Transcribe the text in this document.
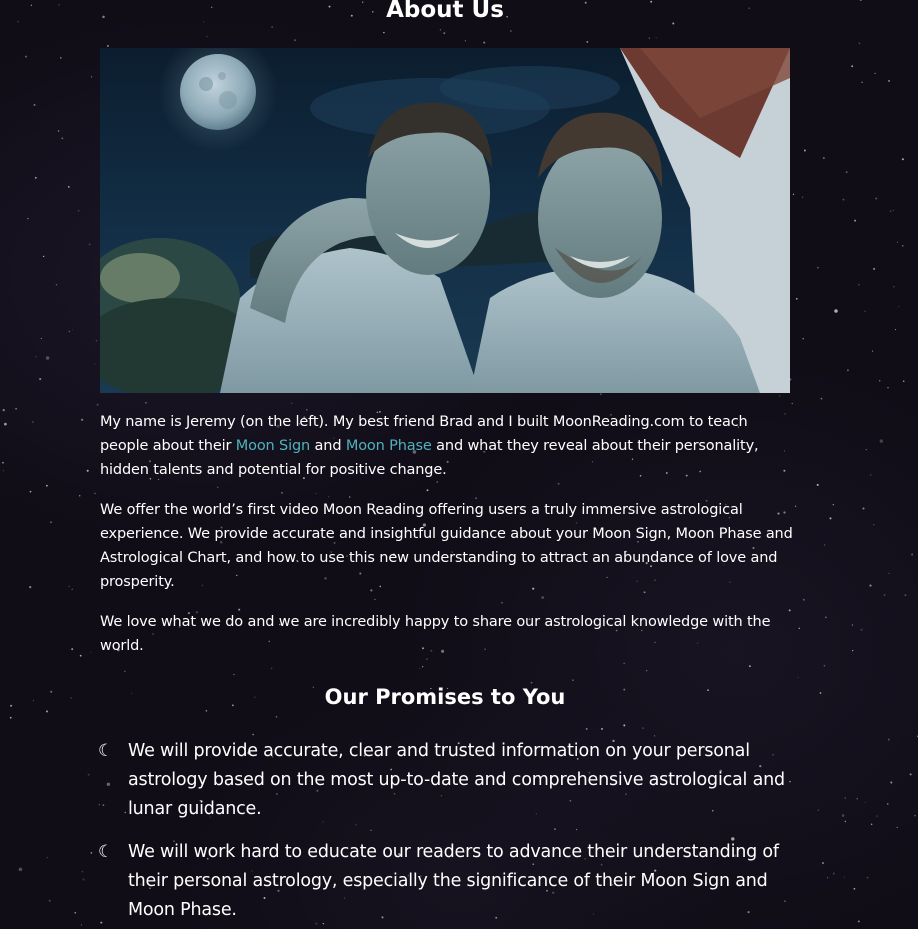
About Us

My name is Jeremy (on the left). My best friend Brad and I built MoonReading.com to teach people about their Moon Sign and Moon Phase and what they reveal about their personality, hidden talents and potential for positive change.

We offer the world’s first video Moon Reading offering users a truly immersive astrological experience. We provide accurate and insightful guidance about your Moon Sign, Moon Phase and Astrological Chart, and how to use this new understanding to attract an abundance of love and prosperity.

We love what we do and we are incredibly happy to share our astrological knowledge with the world.

Our Promises to You
☾ We will provide accurate, clear and trusted information on your personal astrology based on the most up-to-date and comprehensive astrological and lunar guidance.
☾ We will work hard to educate our readers to advance their understanding of their personal astrology, especially the significance of their Moon Sign and Moon Phase.
